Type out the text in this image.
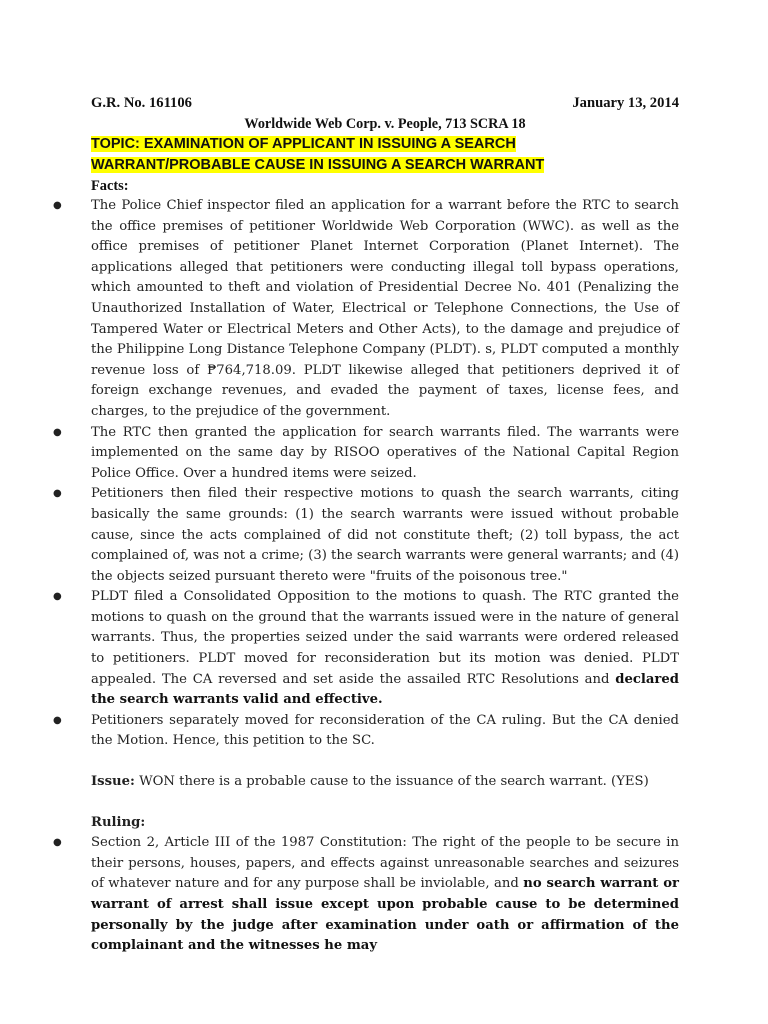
G.R. No. 161106	January 13, 2014
Worldwide Web Corp. v. People, 713 SCRA 18
TOPIC: EXAMINATION OF APPLICANT IN ISSUING A SEARCH
WARRANT/PROBABLE CAUSE IN ISSUING A SEARCH WARRANT
Facts:
● The Police Chief inspector filed an application for a warrant before the RTC to search the office premises of petitioner Worldwide Web Corporation (WWC). as well as the office premises of petitioner Planet Internet Corporation (Planet Internet). The applications alleged that petitioners were conducting illegal toll bypass operations, which amounted to theft and violation of Presidential Decree No. 401 (Penalizing the Unauthorized Installation of Water, Electrical or Telephone Connections, the Use of Tampered Water or Electrical Meters and Other Acts), to the damage and prejudice of the Philippine Long Distance Telephone Company (PLDT). s, PLDT computed a monthly revenue loss of ₱764,718.09. PLDT likewise alleged that petitioners deprived it of foreign exchange revenues, and evaded the payment of taxes, license fees, and charges, to the prejudice of the government.
● The RTC then granted the application for search warrants filed. The warrants were implemented on the same day by RISOO operatives of the National Capital Region Police Office. Over a hundred items were seized.
● Petitioners then filed their respective motions to quash the search warrants, citing basically the same grounds: (1) the search warrants were issued without probable cause, since the acts complained of did not constitute theft; (2) toll bypass, the act complained of, was not a crime; (3) the search warrants were general warrants; and (4) the objects seized pursuant thereto were "fruits of the poisonous tree."
● PLDT filed a Consolidated Opposition to the motions to quash. The RTC granted the motions to quash on the ground that the warrants issued were in the nature of general warrants. Thus, the properties seized under the said warrants were ordered released to petitioners. PLDT moved for reconsideration but its motion was denied. PLDT appealed. The CA reversed and set aside the assailed RTC Resolutions and declared the search warrants valid and effective.
● Petitioners separately moved for reconsideration of the CA ruling. But the CA denied the Motion. Hence, this petition to the SC.
Issue: WON there is a probable cause to the issuance of the search warrant. (YES)
Ruling:
● Section 2, Article III of the 1987 Constitution: The right of the people to be secure in their persons, houses, papers, and effects against unreasonable searches and seizures of whatever nature and for any purpose shall be inviolable, and no search warrant or warrant of arrest shall issue except upon probable cause to be determined personally by the judge after examination under oath or affirmation of the complainant and the witnesses he may
